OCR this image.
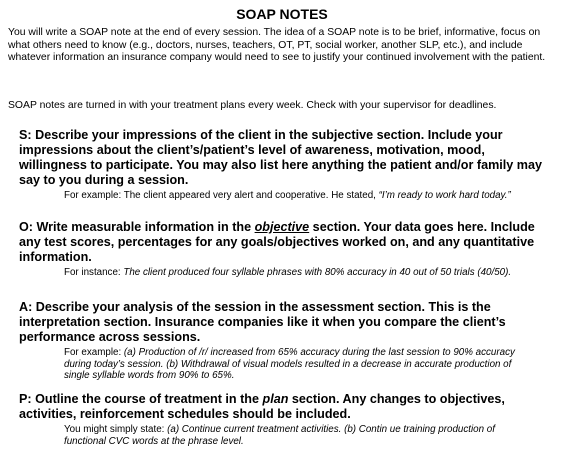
SOAP NOTES
You will write a SOAP note at the end of every session. The idea of a SOAP note is to be brief, informative, focus on what others need to know (e.g., doctors, nurses, teachers, OT, PT, social worker, another SLP, etc.), and include whatever information an insurance company would need to see to justify your continued involvement with the patient.
SOAP notes are turned in with your treatment plans every week. Check with your supervisor for deadlines.
S: Describe your impressions of the client in the subjective section. Include your impressions about the client’s/patient’s level of awareness, motivation, mood, willingness to participate. You may also list here anything the patient and/or family may say to you during a session.
For example: The client appeared very alert and cooperative. He stated, “I’m ready to work hard today.”
O: Write measurable information in the objective section. Your data goes here. Include any test scores, percentages for any goals/objectives worked on, and any quantitative information.
For instance: The client produced four syllable phrases with 80% accuracy in 40 out of 50 trials (40/50).
A: Describe your analysis of the session in the assessment section. This is the interpretation section. Insurance companies like it when you compare the client’s performance across sessions.
For example: (a) Production of /r/ increased from 65% accuracy during the last session to 90% accuracy during today’s session. (b) Withdrawal of visual models resulted in a decrease in accurate production of single syllable words from 90% to 65%.
P: Outline the course of treatment in the plan section. Any changes to objectives, activities, reinforcement schedules should be included.
You might simply state: (a) Continue current treatment activities. (b) Contin ue training production of functional CVC words at the phrase level.
